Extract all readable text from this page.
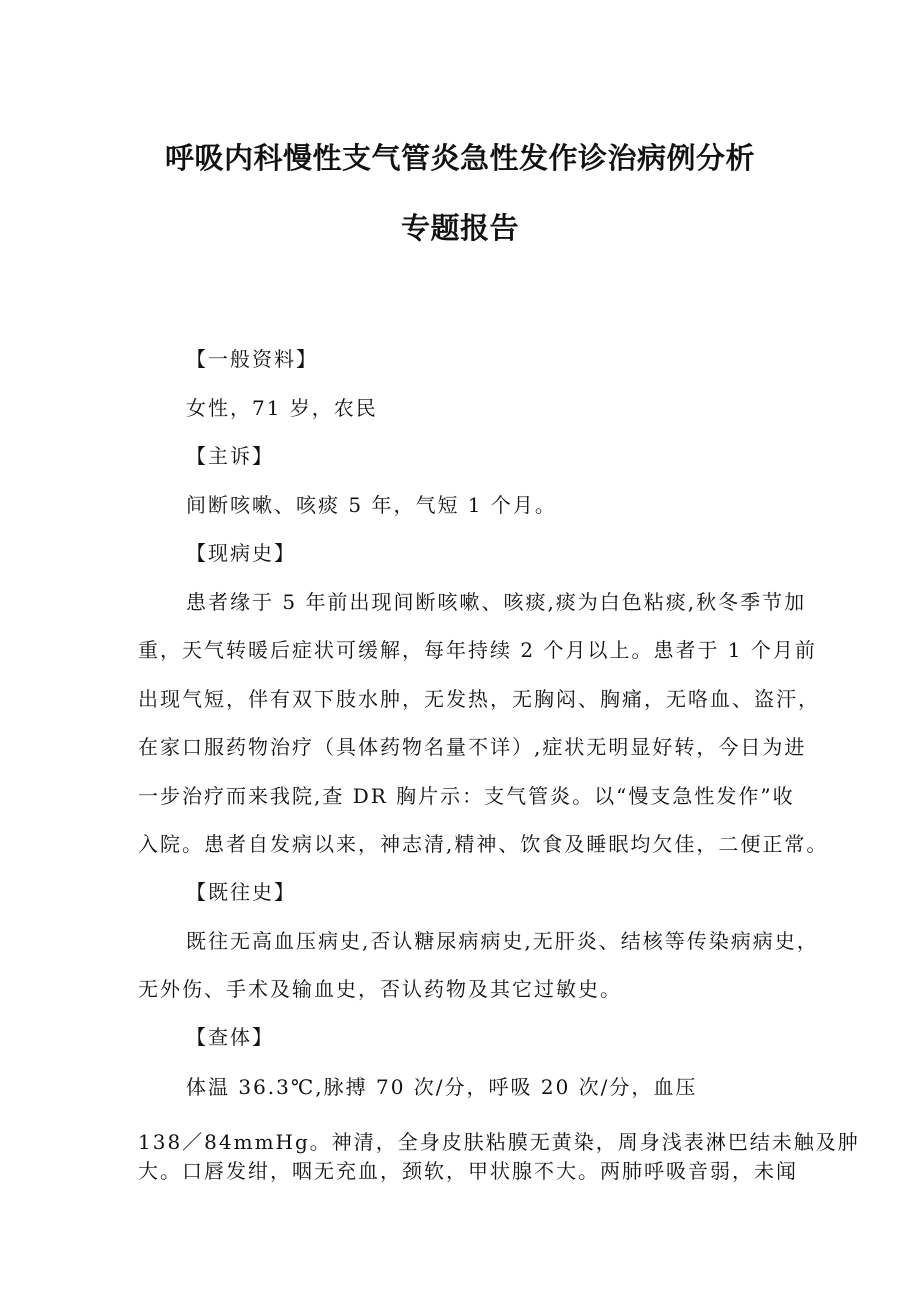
呼吸内科慢性支气管炎急性发作诊治病例分析
专题报告

【一般资料】

女性，71 岁，农民

【主诉】

间断咳嗽、咳痰 5 年，气短 1 个月。

【现病史】

患者缘于 5 年前出现间断咳嗽、咳痰,痰为白色粘痰,秋冬季节加

重，天气转暖后症状可缓解，每年持续 2 个月以上。患者于 1 个月前

出现气短，伴有双下肢水肿，无发热，无胸闷、胸痛，无咯血、盗汗，

在家口服药物治疗（具体药物名量不详）,症状无明显好转，今日为进

一步治疗而来我院,查 DR 胸片示：支气管炎。以“慢支急性发作”收

入院。患者自发病以来，神志清,精神、饮食及睡眠均欠佳，二便正常。

【既往史】

既往无高血压病史,否认糖尿病病史,无肝炎、结核等传染病病史，

无外伤、手术及输血史，否认药物及其它过敏史。

【查体】

体温 36.3℃,脉搏 70 次/分，呼吸 20 次/分，血压

138／84mmHg。神清，全身皮肤粘膜无黄染，周身浅表淋巴结未触及肿

大。口唇发绀，咽无充血，颈软，甲状腺不大。两肺呼吸音弱，未闻
